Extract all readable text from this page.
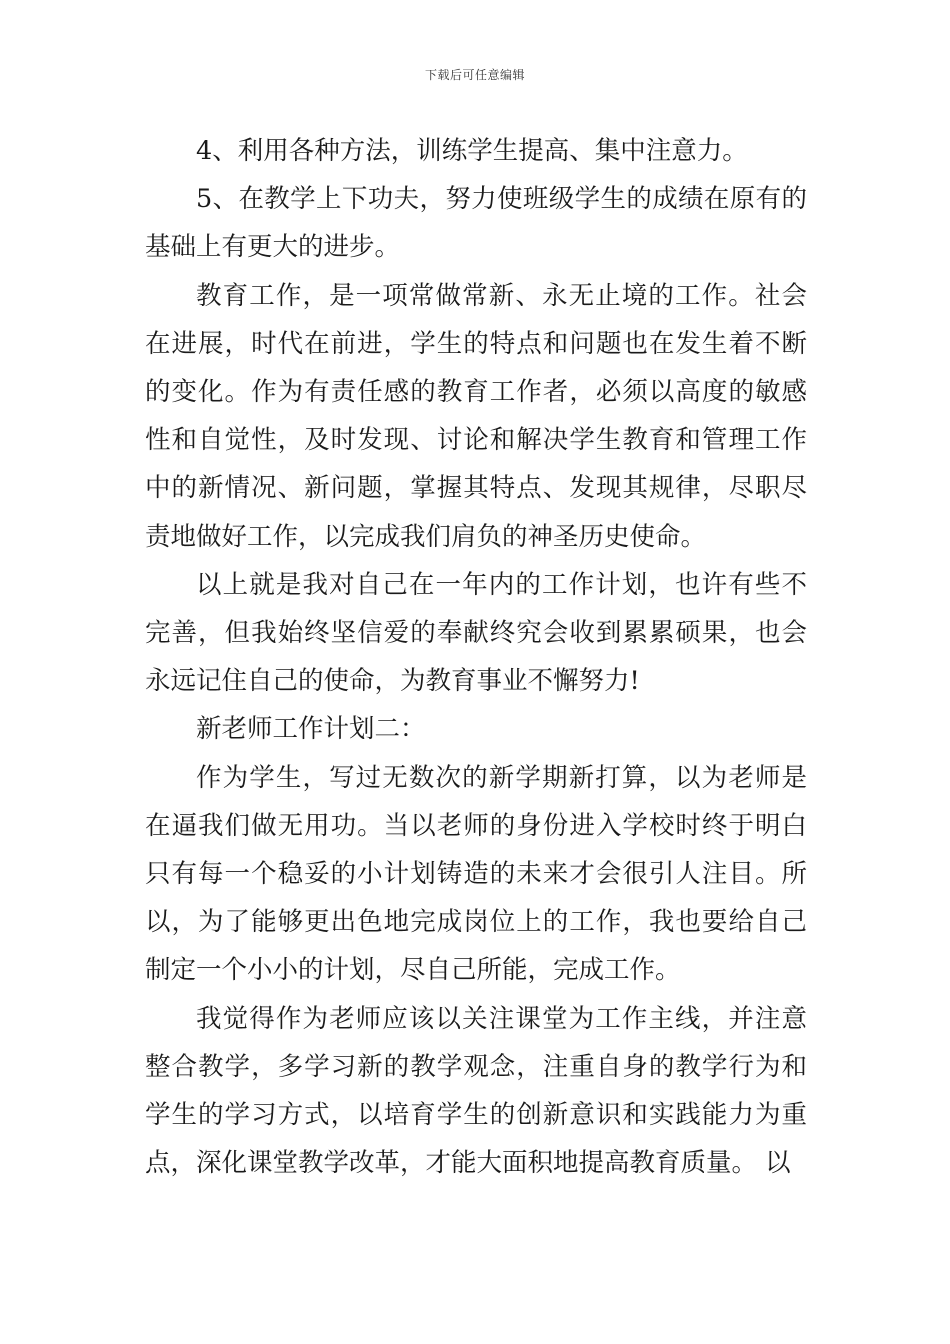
下载后可任意编辑

4、利用各种方法，训练学生提高、集中注意力。

5、在教学上下功夫，努力使班级学生的成绩在原有的基础上有更大的进步。

教育工作，是一项常做常新、永无止境的工作。社会在进展，时代在前进，学生的特点和问题也在发生着不断的变化。作为有责任感的教育工作者，必须以高度的敏感性和自觉性，及时发现、讨论和解决学生教育和管理工作中的新情况、新问题，掌握其特点、发现其规律，尽职尽责地做好工作，以完成我们肩负的神圣历史使命。

以上就是我对自己在一年内的工作计划，也许有些不完善，但我始终坚信爱的奉献终究会收到累累硕果，也会永远记住自己的使命，为教育事业不懈努力!

新老师工作计划二：

作为学生，写过无数次的新学期新打算，以为老师是在逼我们做无用功。当以老师的身份进入学校时终于明白只有每一个稳妥的小计划铸造的未来才会很引人注目。所以，为了能够更出色地完成岗位上的工作，我也要给自己制定一个小小的计划，尽自己所能，完成工作。

我觉得作为老师应该以关注课堂为工作主线，并注意整合教学，多学习新的教学观念，注重自身的教学行为和学生的学习方式，以培育学生的创新意识和实践能力为重点，深化课堂教学改革，才能大面积地提高教育质量。 以
